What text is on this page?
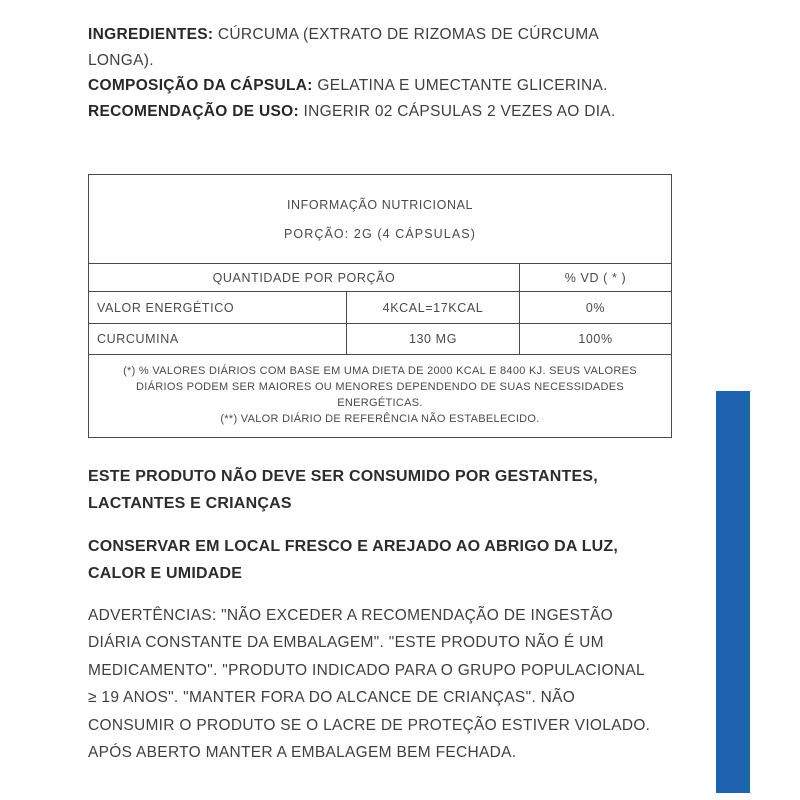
INGREDIENTES: CÚRCUMA (EXTRATO DE RIZOMAS DE CÚRCUMA

LONGA).

COMPOSIÇÃO DA CÁPSULA: GELATINA E UMECTANTE GLICERINA.

RECOMENDAÇÃO DE USO: INGERIR 02 CÁPSULAS 2 VEZES AO DIA.

INFORMAÇÃO NUTRICIONAL

PORÇÃO: 2G (4 CÁPSULAS)

QUANTIDADE POR PORÇÃO	% VD ( * )
VALOR ENERGÉTICO	4KCAL=17KCAL	0%
CURCUMINA	130 MG	100%
(*) % VALORES DIÁRIOS COM BASE EM UMA DIETA DE 2000 KCAL E 8400 KJ. SEUS VALORES
DIÁRIOS PODEM SER MAIORES OU MENORES DEPENDENDO DE SUAS NECESSIDADES
ENERGÉTICAS.
(**) VALOR DIÁRIO DE REFERÊNCIA NÃO ESTABELECIDO.

ESTE PRODUTO NÃO DEVE SER CONSUMIDO POR GESTANTES,
LACTANTES E CRIANÇAS

CONSERVAR EM LOCAL FRESCO E AREJADO AO ABRIGO DA LUZ,
CALOR E UMIDADE

ADVERTÊNCIAS: "NÃO EXCEDER A RECOMENDAÇÃO DE INGESTÃO
DIÁRIA CONSTANTE DA EMBALAGEM". "ESTE PRODUTO NÃO É UM
MEDICAMENTO". "PRODUTO INDICADO PARA O GRUPO POPULACIONAL
≥ 19 ANOS". "MANTER FORA DO ALCANCE DE CRIANÇAS". NÃO
CONSUMIR O PRODUTO SE O LACRE DE PROTEÇÃO ESTIVER VIOLADO.
APÓS ABERTO MANTER A EMBALAGEM BEM FECHADA.
